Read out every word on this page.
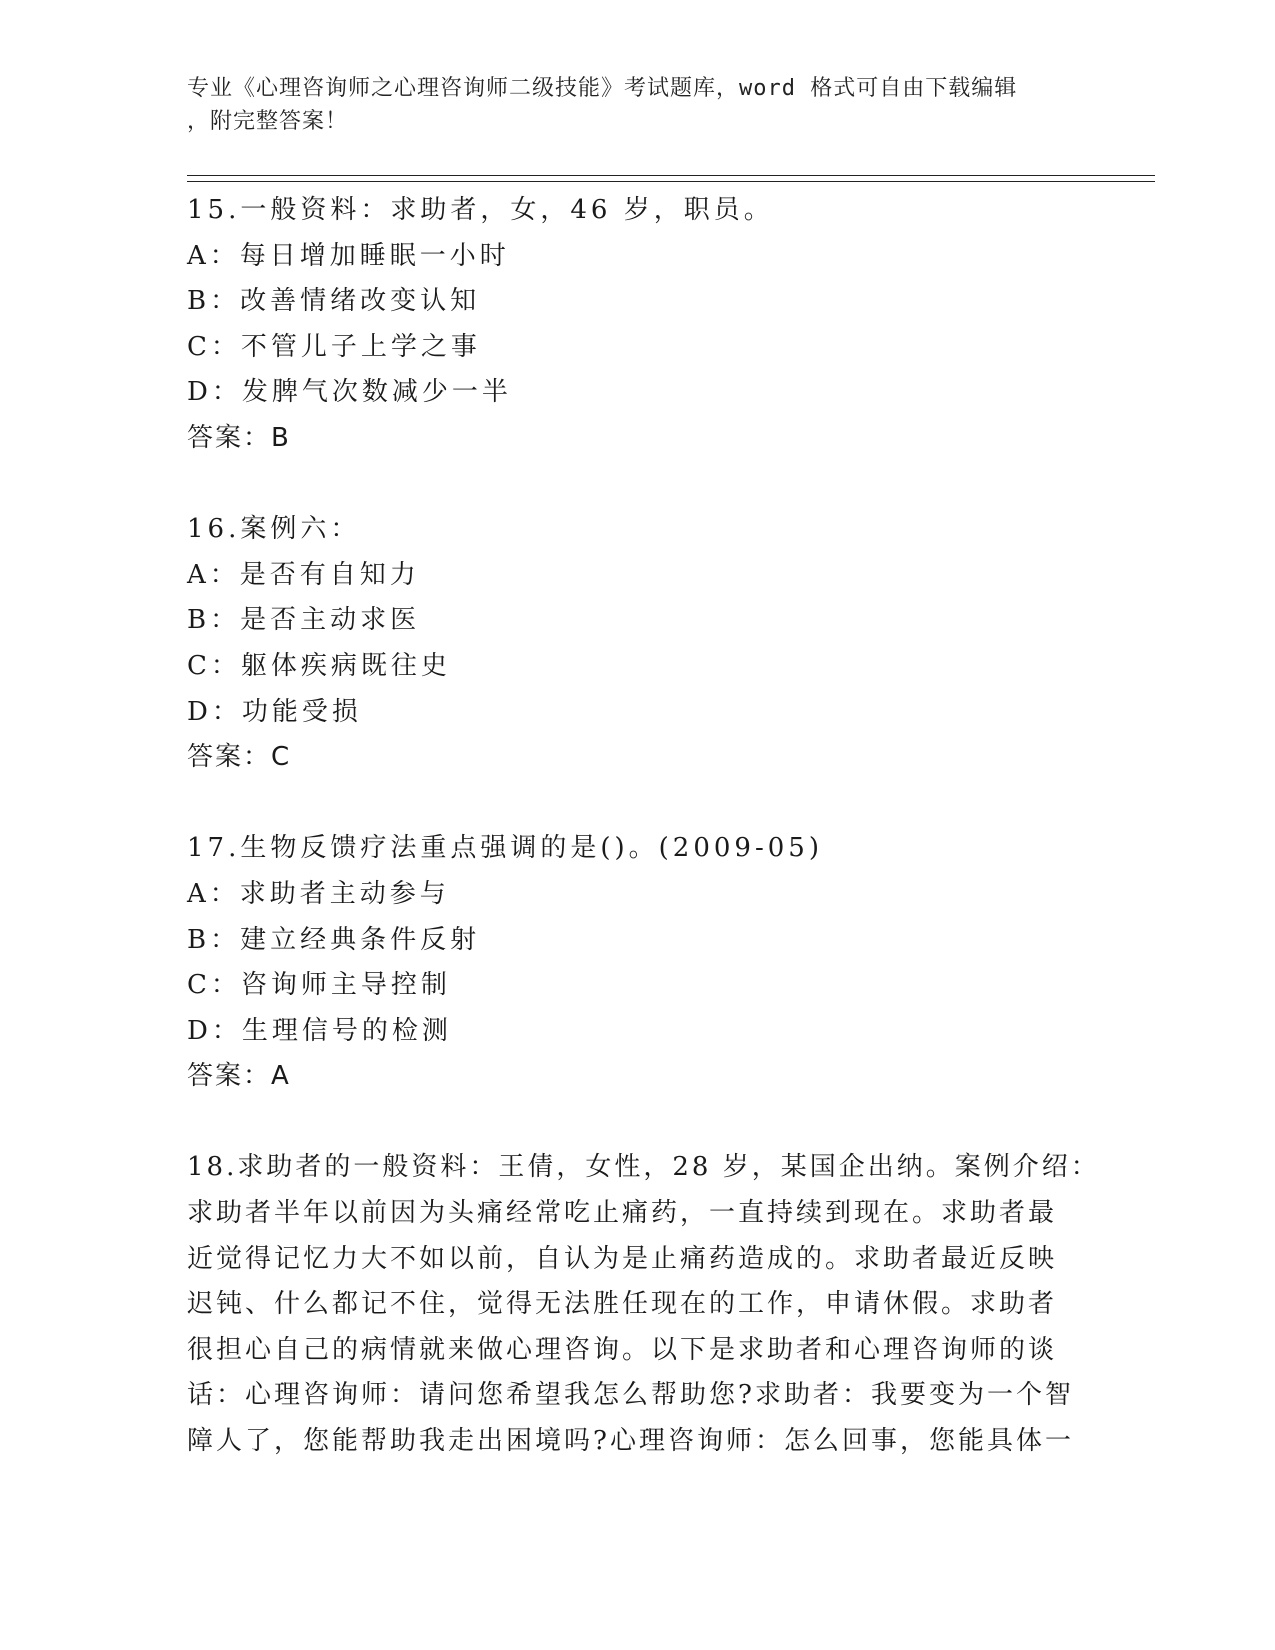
专业《心理咨询师之心理咨询师二级技能》考试题库，word 格式可自由下载编辑
，附完整答案！
15.一般资料：求助者，女，46 岁，职员。
A：每日增加睡眠一小时
B：改善情绪改变认知
C：不管儿子上学之事
D：发脾气次数减少一半
答案：B
16.案例六：
A：是否有自知力
B：是否主动求医
C：躯体疾病既往史
D：功能受损
答案：C
17.生物反馈疗法重点强调的是()。(2009-05)
A：求助者主动参与
B：建立经典条件反射
C：咨询师主导控制
D：生理信号的检测
答案：A
18.求助者的一般资料：王倩，女性，28 岁，某国企出纳。案例介绍：
求助者半年以前因为头痛经常吃止痛药，一直持续到现在。求助者最
近觉得记忆力大不如以前，自认为是止痛药造成的。求助者最近反映
迟钝、什么都记不住，觉得无法胜任现在的工作，申请休假。求助者
很担心自己的病情就来做心理咨询。以下是求助者和心理咨询师的谈
话：心理咨询师：请问您希望我怎么帮助您?求助者：我要变为一个智
障人了，您能帮助我走出困境吗?心理咨询师：怎么回事，您能具体一
